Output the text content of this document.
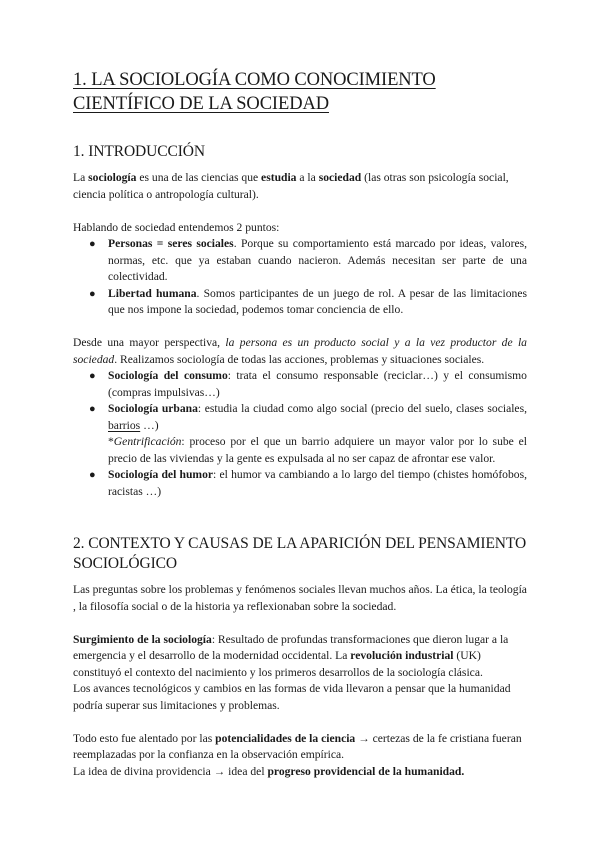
1. LA SOCIOLOGÍA COMO CONOCIMIENTO CIENTÍFICO DE LA SOCIEDAD
1. INTRODUCCIÓN

La sociología es una de las ciencias que estudia a la sociedad (las otras son psicología social, ciencia política o antropología cultural).

Hablando de sociedad entendemos 2 puntos:

● Personas = seres sociales. Porque su comportamiento está marcado por ideas, valores, normas, etc. que ya estaban cuando nacieron. Además necesitan ser parte de una colectividad.
● Libertad humana. Somos participantes de un juego de rol. A pesar de las limitaciones que nos impone la sociedad, podemos tomar conciencia de ello.

Desde una mayor perspectiva, la persona es un producto social y a la vez productor de la sociedad. Realizamos sociología de todas las acciones, problemas y situaciones sociales.

● Sociología del consumo: trata el consumo responsable (reciclar…) y el consumismo (compras impulsivas…)
● Sociología urbana: estudia la ciudad como algo social (precio del suelo, clases sociales, barrios …)
*Gentrificación: proceso por el que un barrio adquiere un mayor valor por lo sube el precio de las viviendas y la gente es expulsada al no ser capaz de afrontar ese valor.
● Sociología del humor: el humor va cambiando a lo largo del tiempo (chistes homófobos, racistas …)
2. CONTEXTO Y CAUSAS DE LA APARICIÓN DEL PENSAMIENTO SOCIOLÓGICO

Las preguntas sobre los problemas y fenómenos sociales llevan muchos años. La ética, la teología , la filosofía social o de la historia ya reflexionaban sobre la sociedad.

Surgimiento de la sociología: Resultado de profundas transformaciones que dieron lugar a la emergencia y el desarrollo de la modernidad occidental. La revolución industrial (UK) constituyó el contexto del nacimiento y los primeros desarrollos de la sociología clásica.

Los avances tecnológicos y cambios en las formas de vida llevaron a pensar que la humanidad podría superar sus limitaciones y problemas.

Todo esto fue alentado por las potencialidades de la ciencia → certezas de la fe cristiana fueran reemplazadas por la confianza en la observación empírica.

La idea de divina providencia → idea del progreso providencial de la humanidad.
